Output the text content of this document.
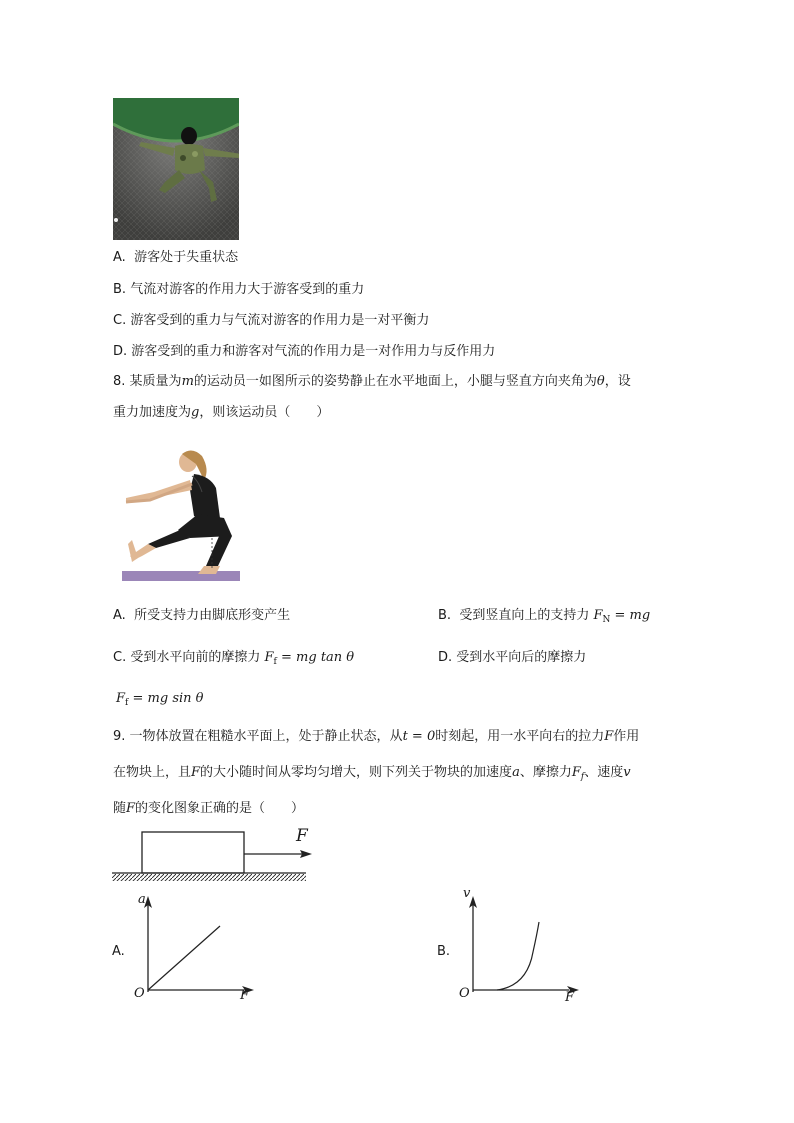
A. 游客处于失重状态
B. 气流对游客的作用力大于游客受到的重力
C. 游客受到的重力与气流对游客的作用力是一对平衡力
D. 游客受到的重力和游客对气流的作用力是一对作用力与反作用力
8. 某质量为m的运动员一如图所示的姿势静止在水平地面上，小腿与竖直方向夹角为θ，设
重力加速度为g，则该运动员（　　）
θ
A. 所受支持力由脚底形变产生	B. 受到竖直向上的支持力 $F_N$ = mg
C. 受到水平向前的摩擦力 $F_f$ = mg tan θ	D. 受到水平向后的摩擦力
$F_f$ = mg sin θ
9. 一物体放置在粗糙水平面上，处于静止状态，从t = 0时刻起，用一水平向右的拉力F作用
在物块上，且F的大小随时间从零均匀增大，则下列关于物块的加速度a、摩擦力$F_f$、速度v
随F的变化图象正确的是（　　）
F
A.
a
F
O
B.
v
F
O
